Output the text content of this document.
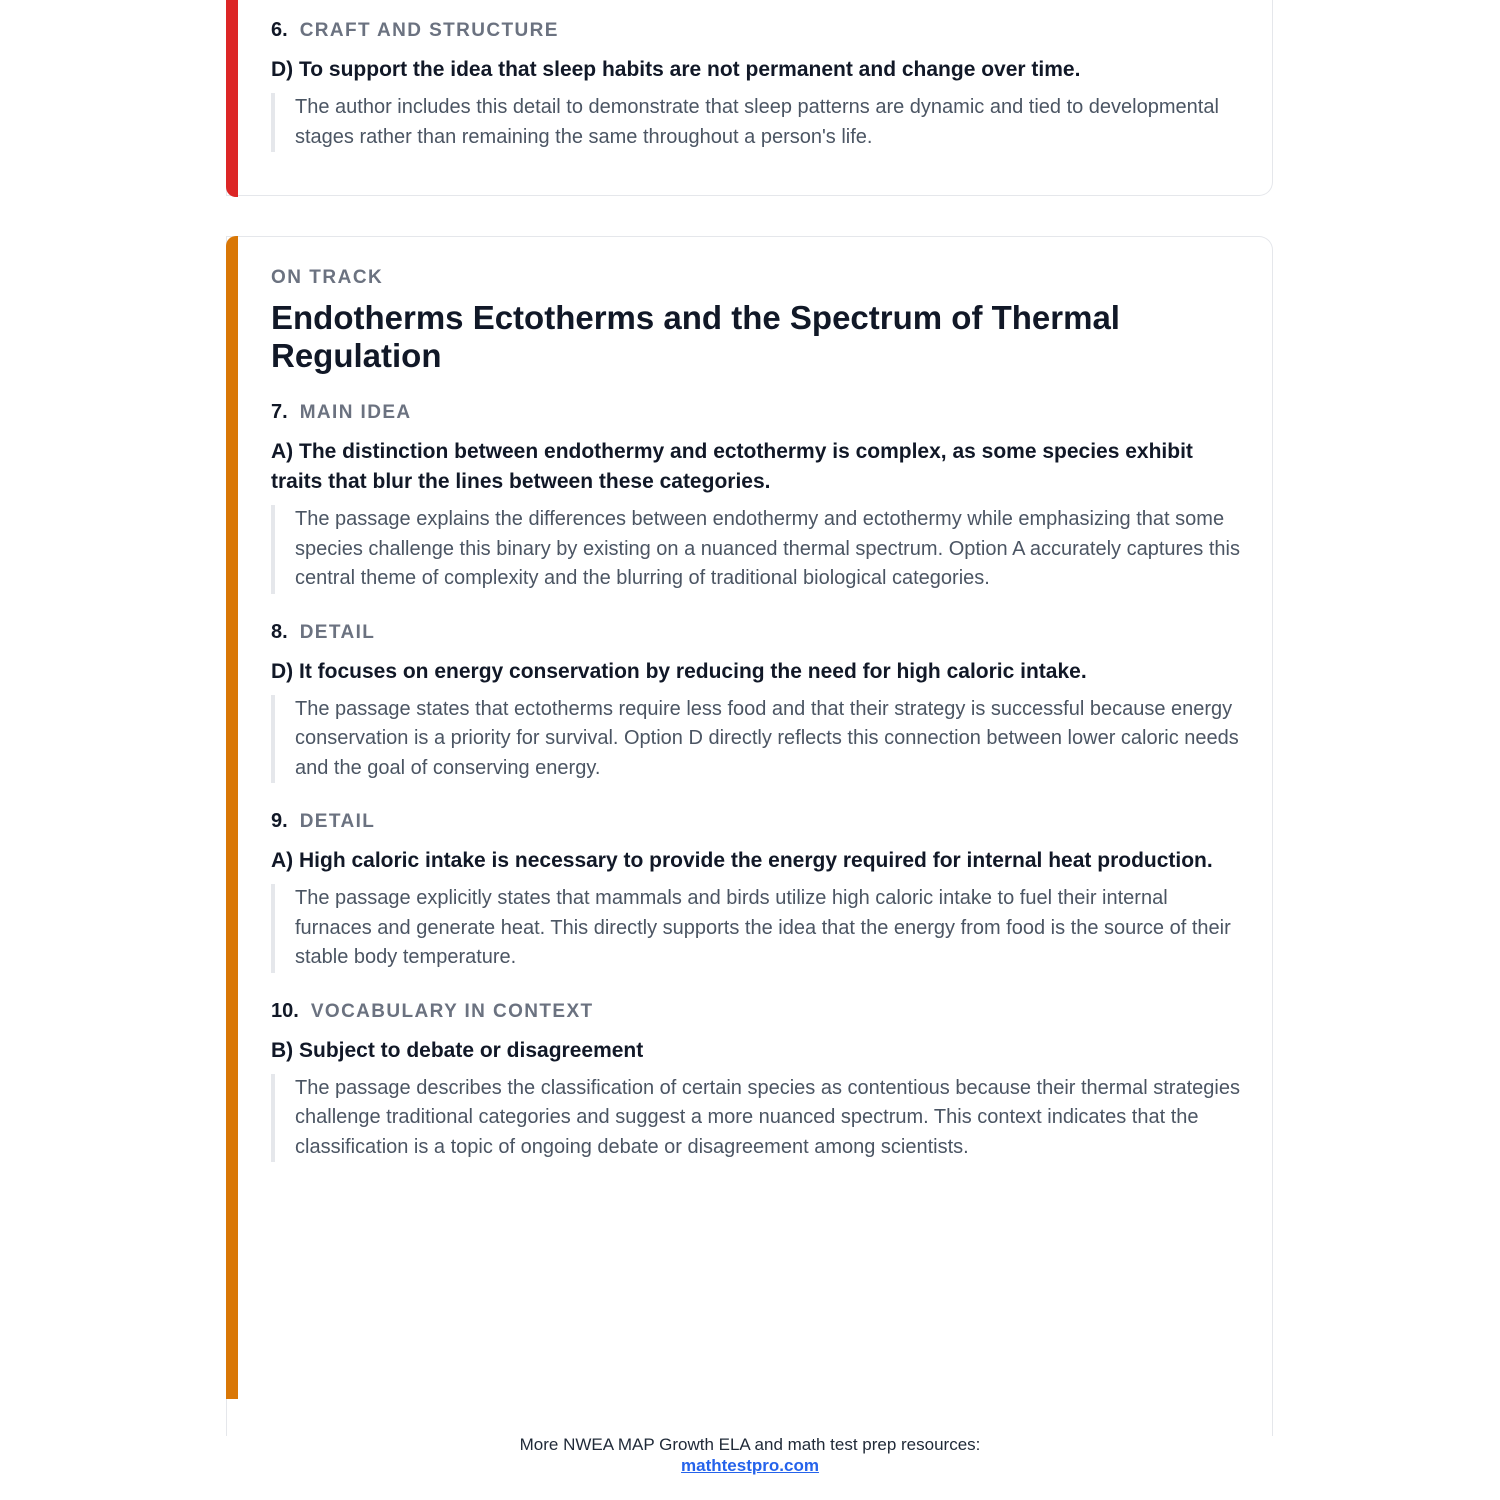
6. CRAFT AND STRUCTURE
D) To support the idea that sleep habits are not permanent and change over time.
The author includes this detail to demonstrate that sleep patterns are dynamic and tied to developmental stages rather than remaining the same throughout a person's life.
ON TRACK
Endotherms Ectotherms and the Spectrum of Thermal Regulation
7. MAIN IDEA
A) The distinction between endothermy and ectothermy is complex, as some species exhibit traits that blur the lines between these categories.
The passage explains the differences between endothermy and ectothermy while emphasizing that some species challenge this binary by existing on a nuanced thermal spectrum. Option A accurately captures this central theme of complexity and the blurring of traditional biological categories.
8. DETAIL
D) It focuses on energy conservation by reducing the need for high caloric intake.
The passage states that ectotherms require less food and that their strategy is successful because energy conservation is a priority for survival. Option D directly reflects this connection between lower caloric needs and the goal of conserving energy.
9. DETAIL
A) High caloric intake is necessary to provide the energy required for internal heat production.
The passage explicitly states that mammals and birds utilize high caloric intake to fuel their internal furnaces and generate heat. This directly supports the idea that the energy from food is the source of their stable body temperature.
10. VOCABULARY IN CONTEXT
B) Subject to debate or disagreement
The passage describes the classification of certain species as contentious because their thermal strategies challenge traditional categories and suggest a more nuanced spectrum. This context indicates that the classification is a topic of ongoing debate or disagreement among scientists.
More NWEA MAP Growth ELA and math test prep resources:
mathtestpro.com
